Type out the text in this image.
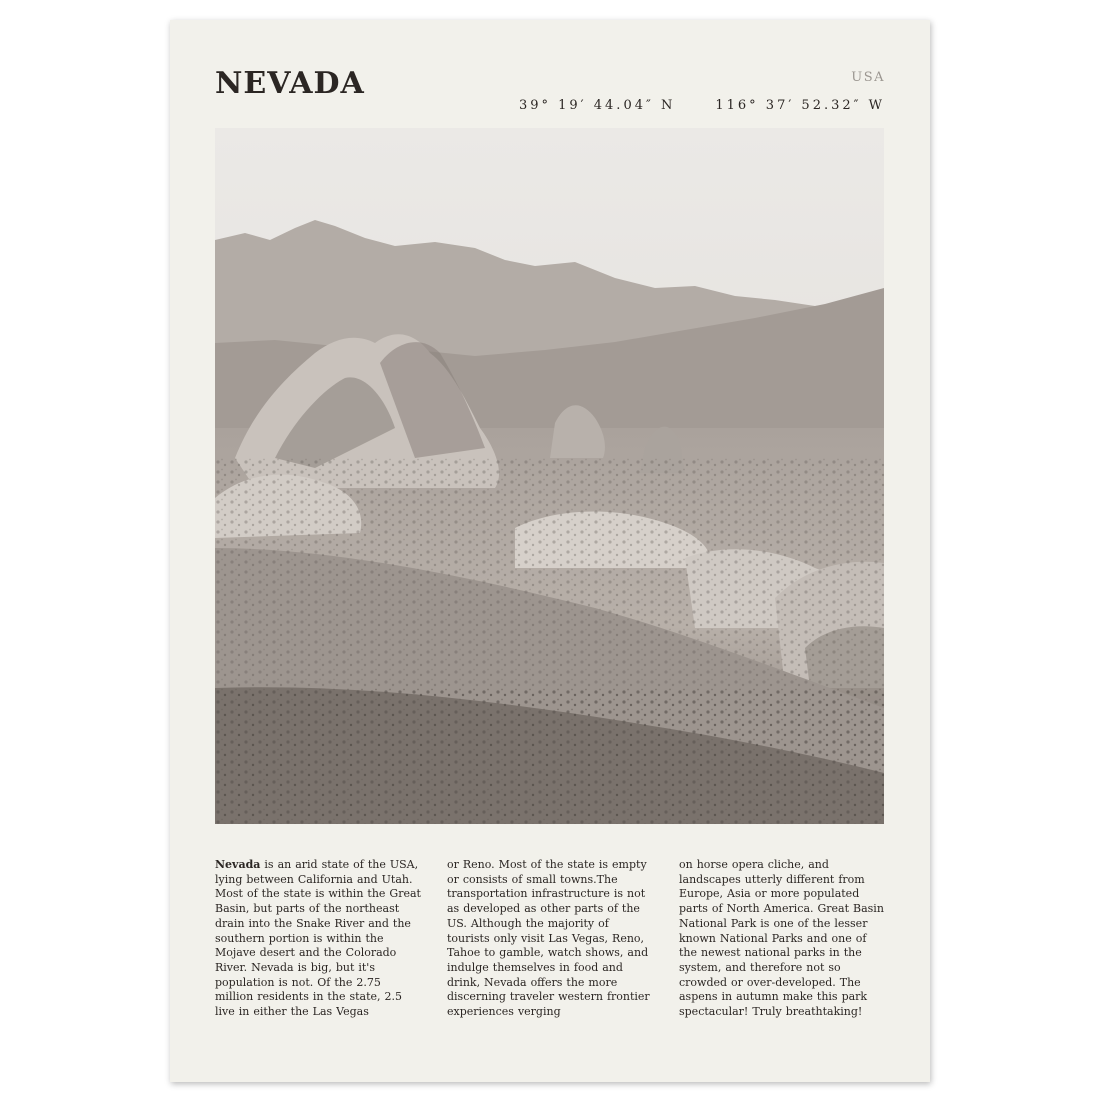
NEVADA	USA
39° 19′ 44.04″ N	116° 37′ 52.32″ W

Nevada is an arid state of the USA, lying between California and Utah. Most of the state is within the Great Basin, but parts of the northeast drain into the Snake River and the southern portion is within the Mojave desert and the Colorado River. Nevada is big, but it's population is not. Of the 2.75 million residents in the state, 2.5 live in either the Las Vegas

or Reno. Most of the state is empty or consists of small towns.The transportation infrastructure is not as developed as other parts of the US. Although the majority of tourists only visit Las Vegas, Reno, Tahoe to gamble, watch shows, and indulge themselves in food and drink, Nevada offers the more discerning traveler western frontier experiences verging

on horse opera cliche, and landscapes utterly different from Europe, Asia or more populated parts of North America. Great Basin National Park is one of the lesser known National Parks and one of the newest national parks in the system, and therefore not so crowded or over-developed. The aspens in autumn make this park spectacular! Truly breathtaking!
